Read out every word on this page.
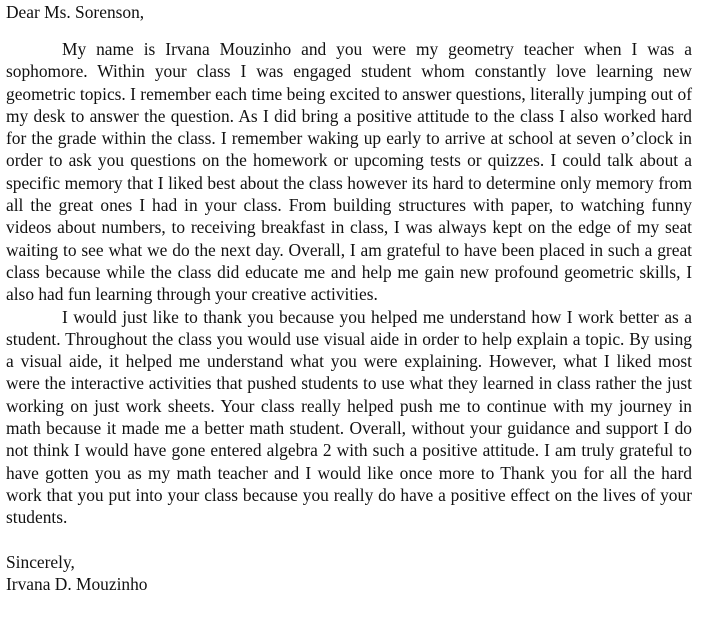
Dear Ms. Sorenson,

My name is Irvana Mouzinho and you were my geometry teacher when I was a sophomore. Within your class I was engaged student whom constantly love learning new geometric topics. I remember each time being excited to answer questions, literally jumping out of my desk to answer the question. As I did bring a positive attitude to the class I also worked hard for the grade within the class. I remember waking up early to arrive at school at seven o’clock in order to ask you questions on the homework or upcoming tests or quizzes. I could talk about a specific memory that I liked best about the class however its hard to determine only memory from all the great ones I had in your class. From building structures with paper, to watching funny videos about numbers, to receiving breakfast in class, I was always kept on the edge of my seat waiting to see what we do the next day. Overall, I am grateful to have been placed in such a great class because while the class did educate me and help me gain new profound geometric skills, I also had fun learning through your creative activities.

I would just like to thank you because you helped me understand how I work better as a student. Throughout the class you would use visual aide in order to help explain a topic. By using a visual aide, it helped me understand what you were explaining. However, what I liked most were the interactive activities that pushed students to use what they learned in class rather the just working on just work sheets. Your class really helped push me to continue with my journey in math because it made me a better math student. Overall, without your guidance and support I do not think I would have gone entered algebra 2 with such a positive attitude. I am truly grateful to have gotten you as my math teacher and I would like once more to Thank you for all the hard work that you put into your class because you really do have a positive effect on the lives of your students.

Sincerely,

Irvana D. Mouzinho
